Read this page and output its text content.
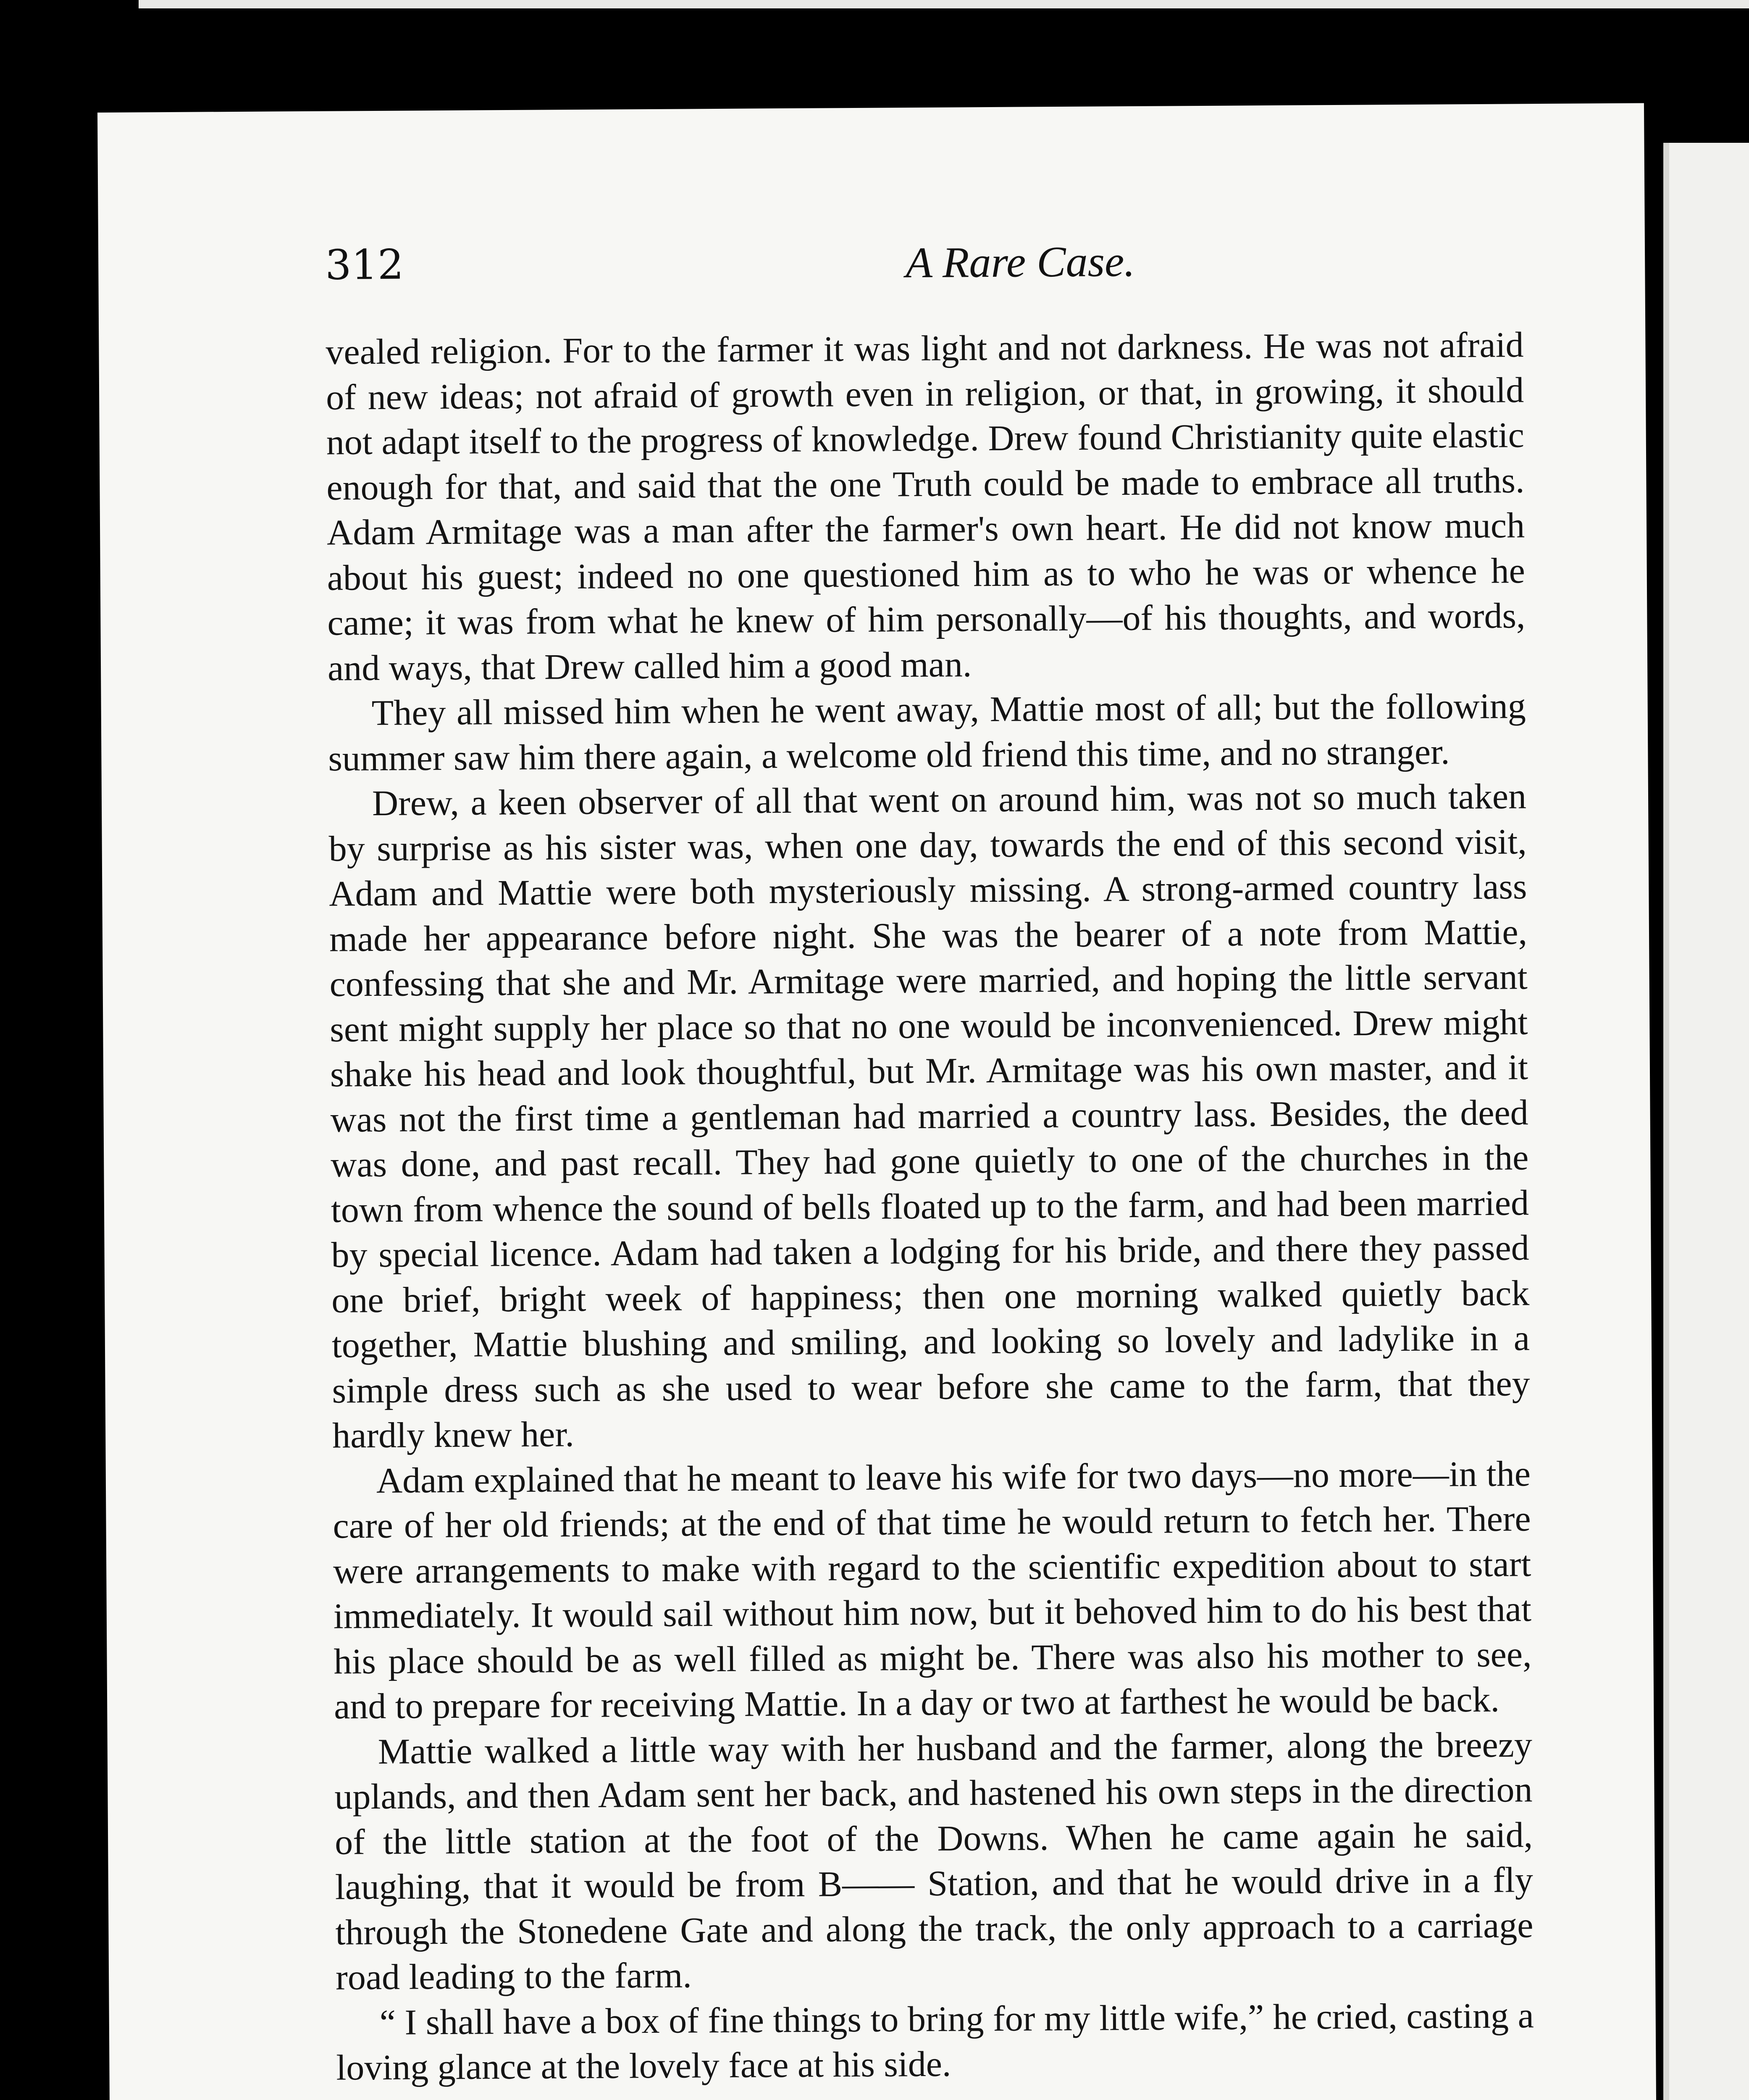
312	A Rare Case.

vealed religion. For to the farmer it was light and not darkness. He was not afraid of new ideas; not afraid of growth even in religion, or that, in growing, it should not adapt itself to the progress of knowledge. Drew found Christianity quite elastic enough for that, and said that the one Truth could be made to embrace all truths. Adam Armitage was a man after the farmer's own heart. He did not know much about his guest; indeed no one questioned him as to who he was or whence he came; it was from what he knew of him personally—of his thoughts, and words, and ways, that Drew called him a good man.

They all missed him when he went away, Mattie most of all; but the following summer saw him there again, a welcome old friend this time, and no stranger.

Drew, a keen observer of all that went on around him, was not so much taken by surprise as his sister was, when one day, towards the end of this second visit, Adam and Mattie were both mysteriously missing. A strong-armed country lass made her appearance before night. She was the bearer of a note from Mattie, confessing that she and Mr. Armitage were married, and hoping the little servant sent might supply her place so that no one would be inconvenienced. Drew might shake his head and look thoughtful, but Mr. Armitage was his own master, and it was not the first time a gentleman had married a country lass. Besides, the deed was done, and past recall. They had gone quietly to one of the churches in the town from whence the sound of bells floated up to the farm, and had been married by special licence. Adam had taken a lodging for his bride, and there they passed one brief, bright week of happiness; then one morning walked quietly back together, Mattie blushing and smiling, and looking so lovely and ladylike in a simple dress such as she used to wear before she came to the farm, that they hardly knew her.

Adam explained that he meant to leave his wife for two days—no more—in the care of her old friends; at the end of that time he would return to fetch her. There were arrangements to make with regard to the scientific expedition about to start immediately. It would sail without him now, but it behoved him to do his best that his place should be as well filled as might be. There was also his mother to see, and to prepare for receiving Mattie. In a day or two at farthest he would be back.

Mattie walked a little way with her husband and the farmer, along the breezy uplands, and then Adam sent her back, and hastened his own steps in the direction of the little station at the foot of the Downs. When he came again he said, laughing, that it would be from B—— Station, and that he would drive in a fly through the Stonedene Gate and along the track, the only approach to a carriage road leading to the farm.

“ I shall have a box of fine things to bring for my little wife,” he cried, casting a loving glance at the lovely face at his side.
